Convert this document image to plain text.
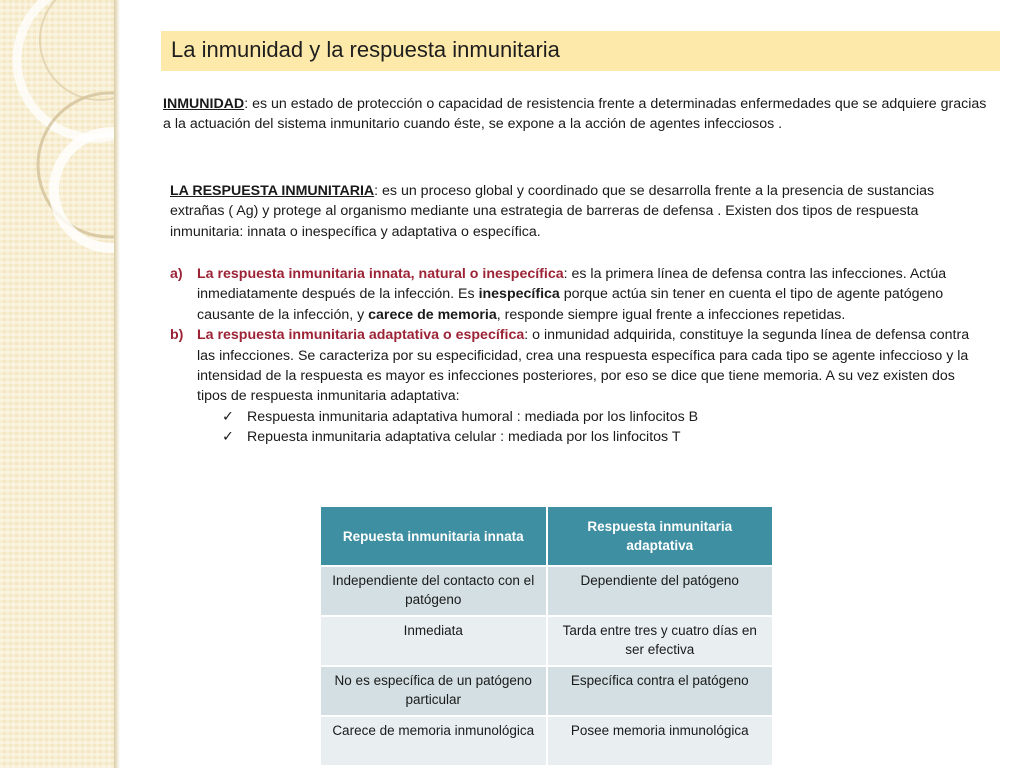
La inmunidad y la respuesta inmunitaria
INMUNIDAD: es un estado de protección o capacidad de resistencia frente a determinadas enfermedades que se adquiere gracias a la actuación del sistema inmunitario cuando éste, se expone a la acción de agentes infecciosos .
LA RESPUESTA INMUNITARIA: es un proceso global y coordinado que se desarrolla frente a la presencia de sustancias extrañas ( Ag) y protege al organismo mediante una estrategia de barreras de defensa . Existen dos tipos de respuesta inmunitaria: innata o inespecífica y adaptativa o específica.
a) La respuesta inmunitaria innata, natural o inespecífica: es la primera línea de defensa contra las infecciones. Actúa inmediatamente después de la infección. Es inespecífica porque actúa sin tener en cuenta el tipo de agente patógeno causante de la infección, y carece de memoria, responde siempre igual frente a infecciones repetidas.
b) La respuesta inmunitaria adaptativa o específica: o inmunidad adquirida, constituye la segunda línea de defensa contra las infecciones. Se caracteriza por su especificidad, crea una respuesta específica para cada tipo se agente infeccioso y la intensidad de la respuesta es mayor es infecciones posteriores, por eso se dice que tiene memoria. A su vez existen dos tipos de respuesta inmunitaria adaptativa:
✓ Respuesta inmunitaria adaptativa humoral : mediada por los linfocitos B
✓ Repuesta inmunitaria adaptativa celular : mediada por los linfocitos T
Repuesta inmunitaria innata	Respuesta inmunitaria adaptativa
Independiente del contacto con el patógeno	Dependiente del patógeno
Inmediata	Tarda entre tres y cuatro días en ser efectiva
No es específica de un patógeno particular	Específica contra el patógeno
Carece de memoria inmunológica	Posee memoria inmunológica
